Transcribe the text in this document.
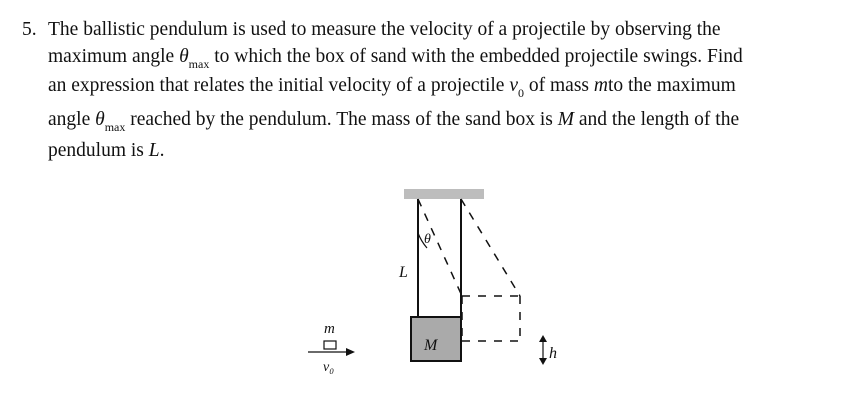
5. The ballistic pendulum is used to measure the velocity of a projectile by observing the
maximum angle $\theta_{max}$ to which the box of sand with the embedded projectile swings. Find
an expression that relates the initial velocity of a projectile $v_0$ of mass mto the maximum
angle $\theta_{max}$ reached by the pendulum. The mass of the sand box is M and the length of the
pendulum is L.
θ
L
M	h
m
v₀
